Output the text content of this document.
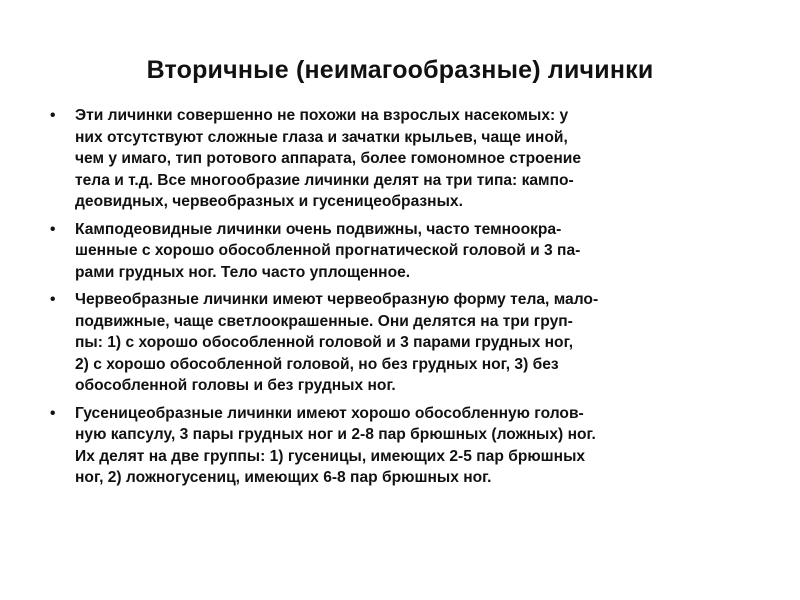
Вторичные (неимагообразные) личинки
•	Эти личинки совершенно не похожи на взрослых насекомых: у
них отсутствуют сложные глаза и зачатки крыльев, чаще иной,
чем у имаго, тип ротового аппарата, более гомономное строение
тела и т.д. Все многообразие личинки делят на три типа: кампо-
деовидных, червеобразных и гусеницеобразных.
•	Камподеовидные личинки очень подвижны, часто темноокра-
шенные с хорошо обособленной прогнатической головой и 3 па-
рами грудных ног. Тело часто уплощенное.
•	Червеобразные личинки имеют червеобразную форму тела, мало-
подвижные, чаще светлоокрашенные. Они делятся на три груп-
пы: 1) с хорошо обособленной головой и 3 парами грудных ног,
2) с хорошо обособленной головой, но без грудных ног, 3) без
обособленной головы и без грудных ног.
•	Гусеницеобразные личинки имеют хорошо обособленную голов-
ную капсулу, 3 пары грудных ног и 2-8 пар брюшных (ложных) ног.
Их делят на две группы: 1) гусеницы, имеющих 2-5 пар брюшных
ног, 2) ложногусениц, имеющих 6-8 пар брюшных ног.
